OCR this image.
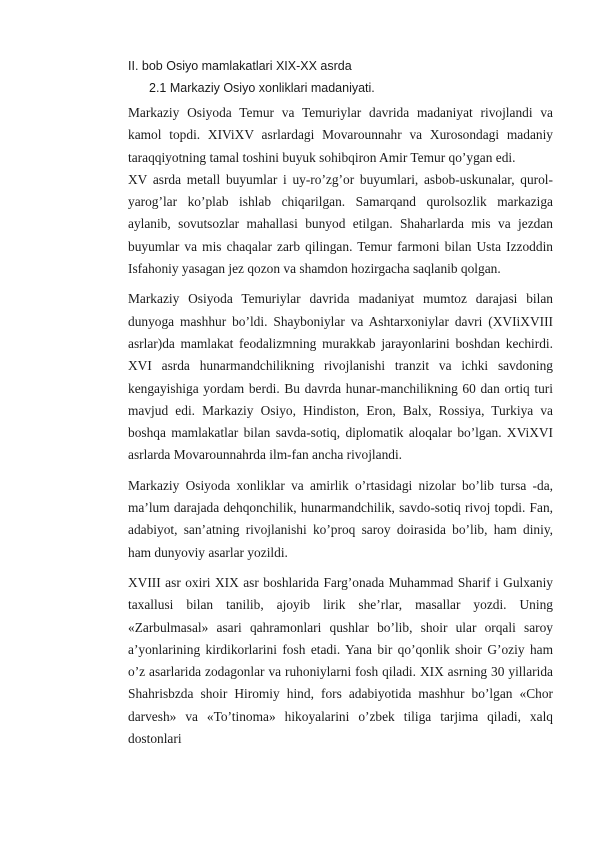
II. bob Osiyo mamlakatlari XIX-XX asrda
2.1 Markaziy Osiyo xonliklari madaniyati.

Markaziy Osiyoda Temur va Temuriylar davrida madaniyat rivojlandi va kamol topdi. XIViXV asrlardagi Movarounnahr va Xurosondagi madaniy taraqqiyotning tamal toshini buyuk sohibqiron Amir Temur qo’ygan edi.

XV asrda metall buyumlar i uy-ro’zg’or buyumlari, asbob-uskunalar, qurol-yarog’lar ko’plab ishlab chiqarilgan. Samarqand qurolsozlik markaziga aylanib, sovutsozlar mahallasi bunyod etilgan. Shaharlarda mis va jezdan buyumlar va mis chaqalar zarb qilingan. Temur farmoni bilan Usta Izzoddin Isfahoniy yasagan jez qozon va shamdon hozirgacha saqlanib qolgan.

Markaziy Osiyoda Temuriylar davrida madaniyat mumtoz darajasi bilan dunyoga mashhur bo’ldi. Shayboniylar va Ashtarxoniylar davri (XVIiXVIII asrlar)da mamlakat feodalizmning murakkab jarayonlarini boshdan kechirdi. XVI asrda hunarmandchilikning rivojlanishi tranzit va ichki savdoning kengayishiga yordam berdi. Bu davrda hunar-manchilikning 60 dan ortiq turi mavjud edi. Markaziy Osiyo, Hindiston, Eron, Balx, Rossiya, Turkiya va boshqa mamlakatlar bilan savda-sotiq, diplomatik aloqalar bo’lgan. XViXVI asrlarda Movarounnahrda ilm-fan ancha rivojlandi.

Markaziy Osiyoda xonliklar va amirlik o’rtasidagi nizolar bo’lib tursa -da, ma’lum darajada dehqonchilik, hunarmandchilik, savdo-sotiq rivoj topdi. Fan, adabiyot, san’atning rivojlanishi ko’proq saroy doirasida bo’lib, ham diniy, ham dunyoviy asarlar yozildi.

XVIII asr oxiri XIX asr boshlarida Farg’onada Muhammad Sharif i Gulxaniy taxallusi bilan tanilib, ajoyib lirik she’rlar, masallar yozdi. Uning «Zarbulmasal» asari qahramonlari qushlar bo’lib, shoir ular orqali saroy a’yonlarining kirdikorlarini fosh etadi. Yana bir qo’qonlik shoir G’oziy ham o’z asarlarida zodagonlar va ruhoniylarni fosh qiladi. XIX asrning 30 yillarida Shahrisbzda shoir Hiromiy hind, fors adabiyotida mashhur bo’lgan «Chor darvesh» va «To’tinoma» hikoyalarini o’zbek tiliga tarjima qiladi, xalq dostonlari
